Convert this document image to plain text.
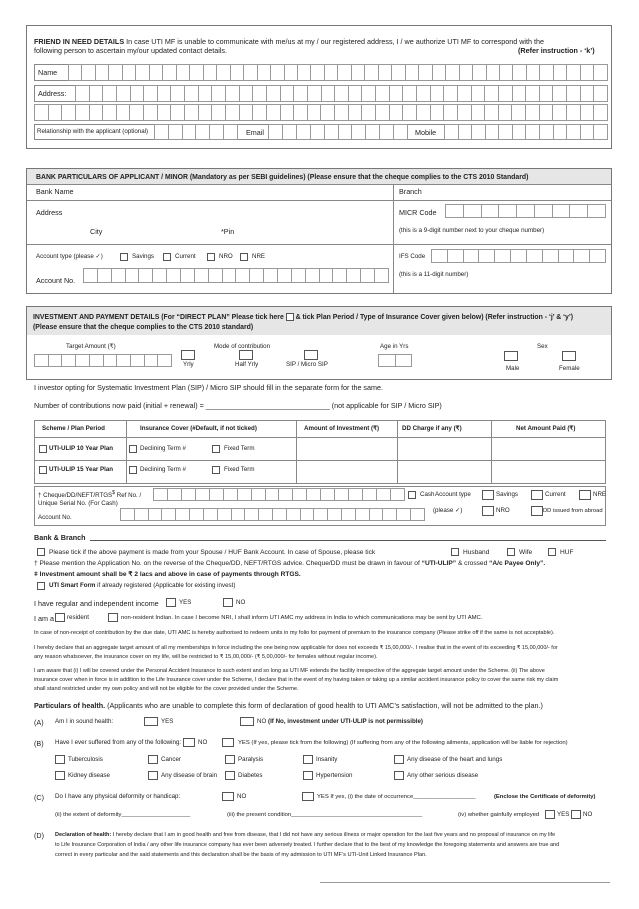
FRIEND IN NEED DETAILS In case UTI MF is unable to communicate with me/us at my / our registered address, I / we authorize UTI MF to correspond with the
following person to ascertain my/our updated contact details.	(Refer instruction - ‘k’)
Name
Address:
Relationship with the applicant (optional)	Email	Mobile
BANK PARTICULARS OF APPLICANT / MINOR (Mandatory as per SEBI guidelines) (Please ensure that the cheque complies to the CTS 2010 Standard)
Bank Name	Branch
Address	MICR Code
City	*Pin	(this is a 9-digit number next to your cheque number)
Account type (please ✓)	Savings	Current	NRO	NRE	IFS Code
(this is a 11-digit number)
Account No.
INVESTMENT AND PAYMENT DETAILS (For “DIRECT PLAN” Please tick here & tick Plan Period / Type of Insurance Cover given below) (Refer instruction - ‘j’ & ‘y’)
(Please ensure that the cheque complies to the CTS 2010 standard)
Target Amount (₹)	Mode of contribution	Age in Yrs	Sex
Yrly	Half Yrly	SIP / Micro SIP
Male	Female
I investor opting for Systematic Investment Plan (SIP) / Micro SIP should fill in the separate form for the same.
Number of contributions now paid (initial + renewal) = _______________________________ (not applicable for SIP / Micro SIP)
Scheme / Plan Period	Insurance Cover (#Default, if not ticked)	Amount of Investment (₹)	DD Charge if any (₹)	Net Amount Paid (₹)
UTI-ULIP 10 Year Plan	Declining Term #	Fixed Term
UTI-ULIP 15 Year Plan	Declining Term #	Fixed Term
† Cheque/DD/NEFT/RTGS$ Ref No. /
Unique Serial No. (For Cash)
Cash Account type
(please ✓)
Savings	Current	NRE
NRO	DD issued from abroad
Account No.
Bank & Branch
Please tick if the above payment is made from your Spouse / HUF Bank Account. In case of Spouse, please tick	Husband	Wife	HUF
† Please mention the Application No. on the reverse of the Cheque/DD, NEFT/RTGS advice. Cheque/DD must be drawn in favour of “UTI-ULIP” & crossed “A/c Payee Only”.
ǂ Investment amount shall be ₹ 2 lacs and above in case of payments through RTGS.
UTI Smart Form if already registered (Applicable for existing invest)
I have regular and independent income	YES	NO
I am a resident	non-resident Indian. In case I become NRI, I shall inform UTI AMC my address in India to which communications may be sent by UTI AMC.
In case of non-receipt of contribution by the due date, UTI AMC is hereby authorised to redeem units in my folio for payment of premium to the insurance company (Please strike off if the same is not acceptable).
I hereby declare that an aggregate target amount of all my memberships in force including the one being now applicable for does not exceeds ₹ 15,00,000/-. I realise that in the event of its exceeding ₹ 15,00,000/- for
any reason whatsoever, the insurance cover on my life, will be restricted to ₹ 15,00,000/- (₹ 5,00,000/- for females without regular income).
I am aware that (i) I will be covered under the Personal Accident Insurance to such extent and so long as UTI MF extends the facility irrespective of the aggregate target amount under the Scheme. (ii) The above
insurance cover when in force is in addition to the Life Insurance cover under the Scheme, I declare that in the event of my having taken or taking up a similar accident insurance policy to cover the same risk my claim
shall stand restricted under my own policy and will not be eligible for the cover provided under the Scheme.
Particulars of health. (Applicants who are unable to complete this form of declaration of good health to UTI AMC’s satisfaction, will not be admitted to the plan.)
(A) Am I in sound health:	YES	NO (If No, investment under UTI-ULIP is not permissible)
(B) Have I ever suffered from any of the following:	NO	YES (If yes, please tick from the following) (If suffering from any of the following ailments, application will be liable for rejection)
Tuberculosis	Cancer	Paralysis	Insanity	Any disease of the heart and lungs
Kidney disease	Any disease of brain	Diabetes	Hypertension	Any other serious disease
(C) Do I have any physical deformity or handicap:	NO	YES If yes, (i) the date of occurrence___________________	(Enclose the Certificate of deformity)
(ii) the extent of deformity_____________________	(iii) the present condition________________________________________	(iv) whether gainfully employed	YES NO
(D) Declaration of health: I hereby declare that I am in good health and free from disease, that I did not have any serious illness or major operation for the last five years and no proposal of insurance on my life
to Life Insurance Corporation of India / any other life insurance company has ever been adversely treated. I further declare that to the best of my knowledge the foregoing statements and answers are true and
correct in every particular and the said statements and this declaration shall be the basis of my admission to UTI MF’s UTI-Unit Linked Insurance Plan.
